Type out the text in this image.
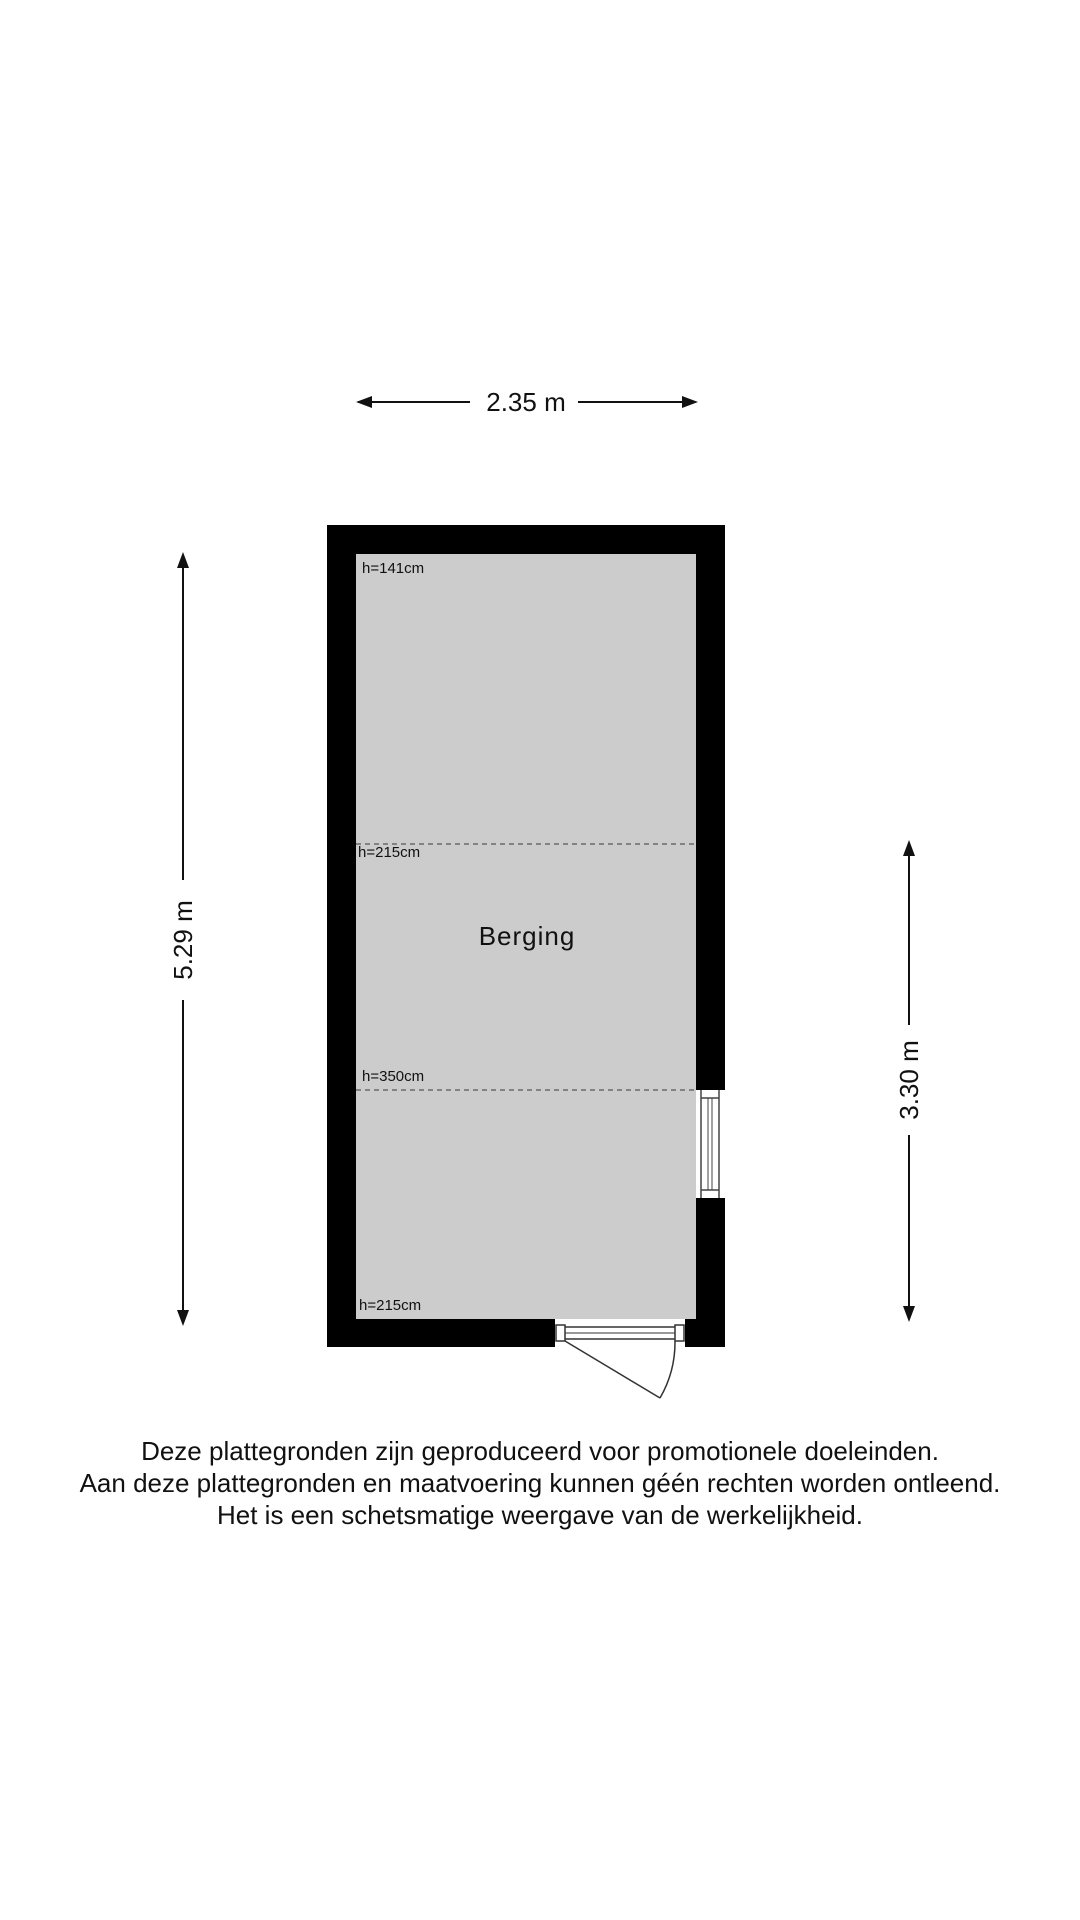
2.35 m
5.29 m
3.30 m
h=141cm
h=215cm
h=350cm
h=215cm
Berging
Deze plattegronden zijn geproduceerd voor promotionele doeleinden.
Aan deze plattegronden en maatvoering kunnen géén rechten worden ontleend.
Het is een schetsmatige weergave van de werkelijkheid.
